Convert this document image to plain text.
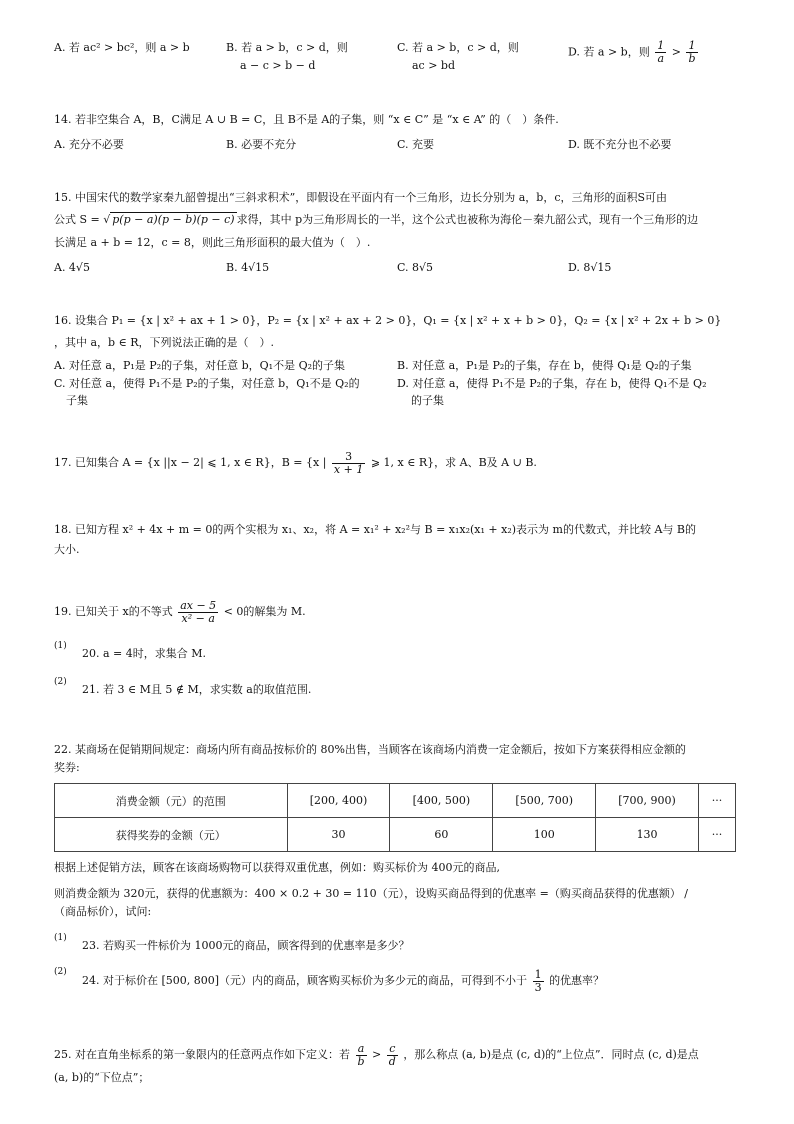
A. 若 ac² > bc²，则 a > b	B. 若 a > b，c > d，则
a − c > b − d
C. 若 a > b，c > d，则
ac > bd
D. 若 a > b，则 $\frac{1}{a} > \frac{1}{b}$
14. 若非空集合 A，B，C满足 A ∪ B = C，且 B不是 A的子集，则 “x ∈ C” 是 “x ∈ A” 的（　）条件.
A. 充分不必要	B. 必要不充分	C. 充要	D. 既不充分也不必要
15. 中国宋代的数学家秦九韶曾提出“三斜求积术”，即假设在平面内有一个三角形，边长分别为 a，b，c，三角形的面积S可由
公式 S = √ p(p − a)(p − b)(p − c) 求得，其中 p为三角形周长的一半，这个公式也被称为海伦－秦九韶公式，现有一个三角形的边
长满足 a + b = 12，c = 8，则此三角形面积的最大值为（　）.
A. 4√5	B. 4√15	C. 8√5	D. 8√15
16. 设集合 P₁ = {x | x² + ax + 1 > 0}，P₂ = {x | x² + ax + 2 > 0}，Q₁ = {x | x² + x + b > 0}，Q₂ = {x | x² + 2x + b > 0}
，其中 a，b ∈ R，下列说法正确的是（　）.
A. 对任意 a，P₁是 P₂的子集，对任意 b，Q₁不是 Q₂的子集	B. 对任意 a，P₁是 P₂的子集，存在 b，使得 Q₁是 Q₂的子集
C. 对任意 a，使得 P₁不是 P₂的子集，对任意 b，Q₁不是 Q₂的
子集
D. 对任意 a，使得 P₁不是 P₂的子集，存在 b，使得 Q₁不是 Q₂
的子集
17. 已知集合 A = {x ||x − 2| ⩽ 1, x ∈ R}，B = {x | $\frac{3}{x + 1}$ ⩾ 1, x ∈ R}，求 A、B及 A ∪ B.
18. 已知方程 x² + 4x + m = 0的两个实根为 x₁、x₂，将 A = x₁² + x₂²与 B = x₁x₂(x₁ + x₂)表示为 m的代数式，并比较 A与 B的
大小.
19. 已知关于 x的不等式 $\frac{ax - 5}{\text{x² − a}} < 0$的解集为 M.
(1)
20. a = 4时，求集合 M.
(2)
21. 若 3 ∈ M且 5 ∉ M，求实数 a的取值范围.
22. 某商场在促销期间规定：商场内所有商品按标价的 80%出售，当顾客在该商场内消费一定金额后，按如下方案获得相应金额的
奖券:
消费金额（元）的范围	[200, 400)	[400, 500)	[500, 700)	[700, 900)	···
获得奖券的金额（元）	30	60	100	130	···
根据上述促销方法，顾客在该商场购物可以获得双重优惠，例如：购买标价为 400元的商品,
则消费金额为 320元，获得的优惠额为：400 × 0.2 + 30 = 110（元），设购买商品得到的优惠率 =（购买商品获得的优惠额） /
（商品标价），试问:
(1)
23. 若购买一件标价为 1000元的商品，顾客得到的优惠率是多少？
(2)
24. 对于标价在 [500, 800]（元）内的商品，顾客购买标价为多少元的商品，可得到不小于 $\frac{1}{3}$ 的优惠率？
25. 对在直角坐标系的第一象限内的任意两点作如下定义：若 $\frac{a}{b} > \frac{c}{d}$ ，那么称点 (a, b)是点 (c, d)的“上位点”．同时点 (c, d)是点
(a, b)的“下位点”；
